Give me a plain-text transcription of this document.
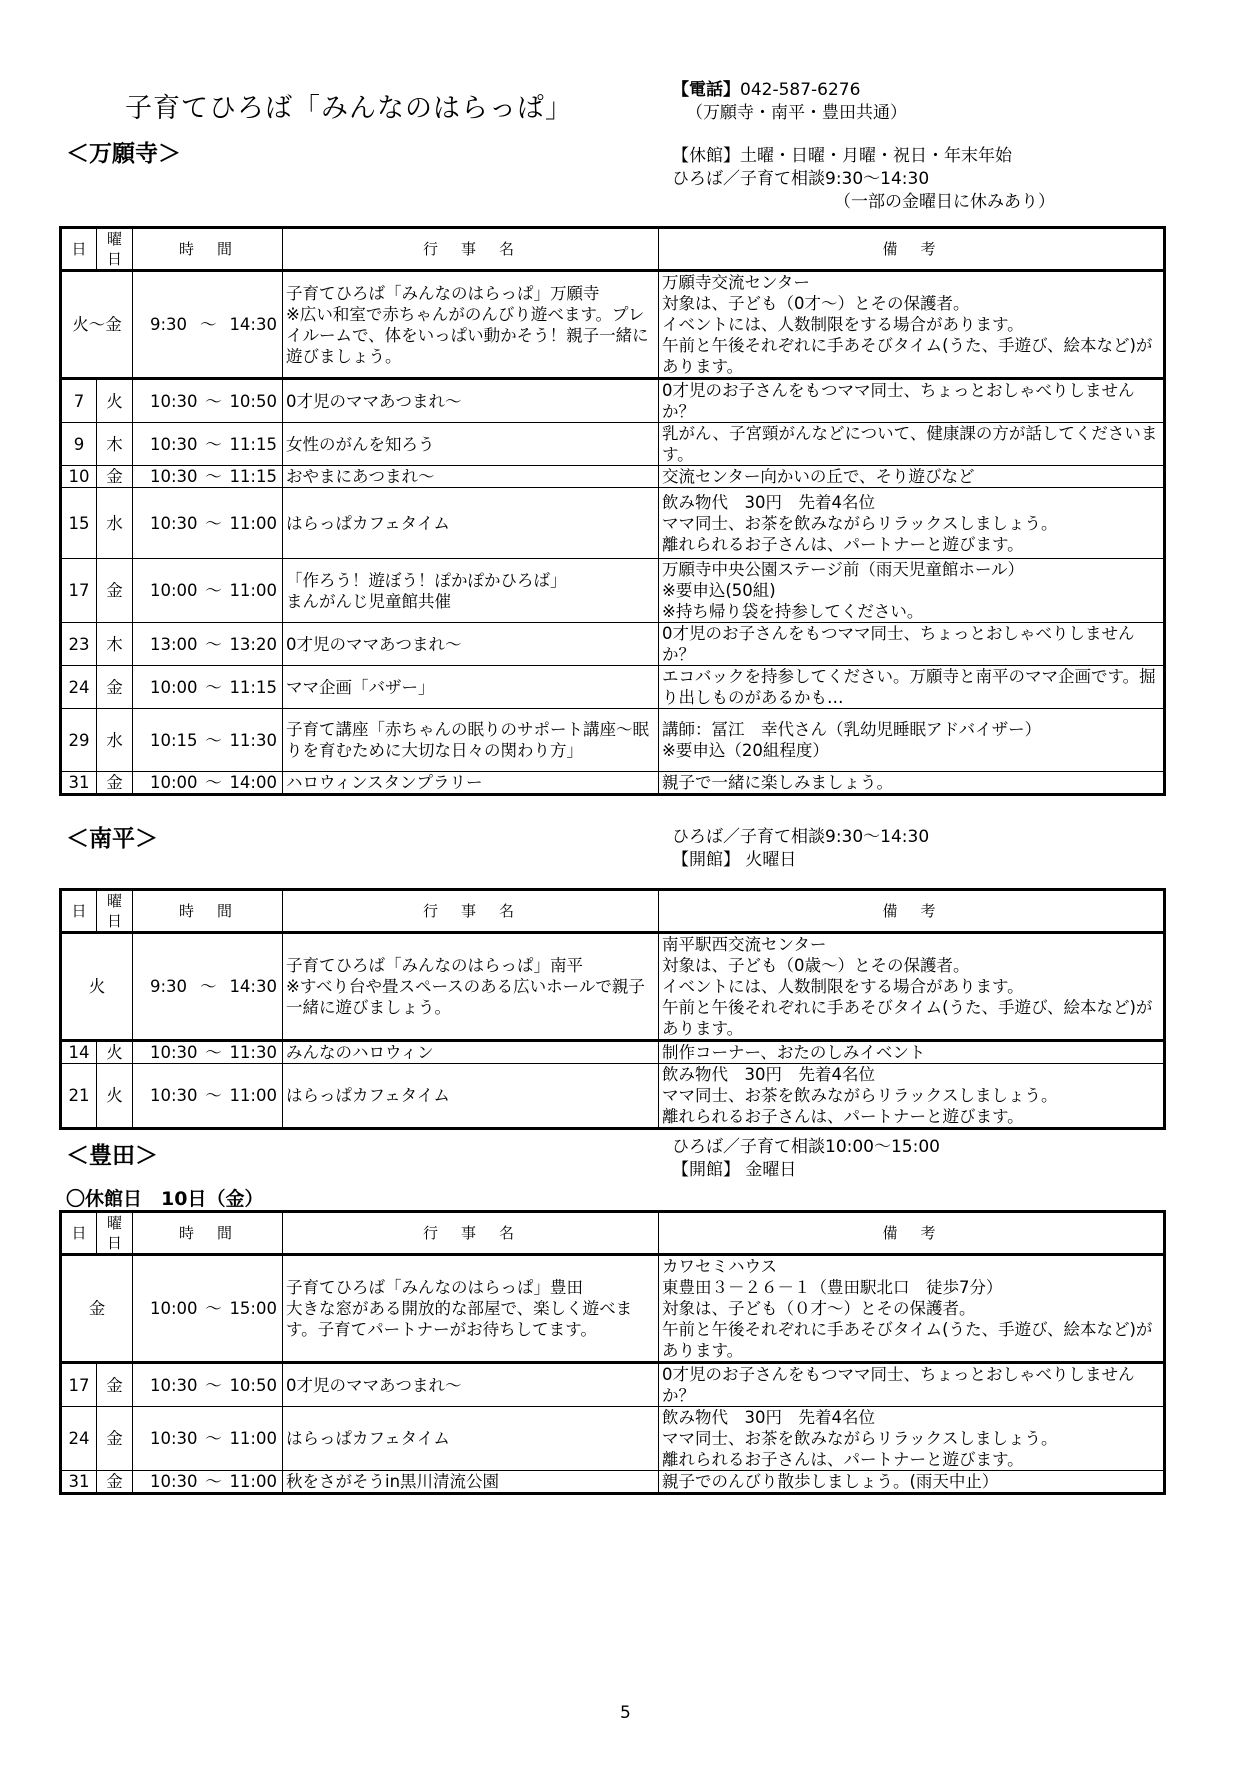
子育てひろば「みんなのはらっぱ」
【電話】042-587-6276
（万願寺・南平・豊田共通）
＜万願寺＞	【休館】土曜・日曜・月曜・祝日・年末年始
ひろば／子育て相談9:30～14:30
（一部の金曜日に休みあり）
日	曜日	時　間	行　事　名	備　考
火～金		9:30 ～ 14:30	子育てひろば「みんなのはらっぱ」万願寺
※広い和室で赤ちゃんがのんびり遊べます。プレイルームで、体をいっぱい動かそう！親子一緒に遊びましょう。	万願寺交流センター
対象は、子ども（0才～）とその保護者。
イベントには、人数制限をする場合があります。
午前と午後それぞれに手あそびタイム(うた、手遊び、絵本など)があります。
7	火	10:30 ～ 10:50	0才児のママあつまれ～	0才児のお子さんをもつママ同士、ちょっとおしゃべりしませんか？
9	木	10:30 ～ 11:15	女性のがんを知ろう	乳がん、子宮頸がんなどについて、健康課の方が話してくださいます。
10	金	10:30 ～ 11:15	おやまにあつまれ～	交流センター向かいの丘で、そり遊びなど
15	水	10:30 ～ 11:00	はらっぱカフェタイム	飲み物代　30円　先着4名位
ママ同士、お茶を飲みながらリラックスしましょう。
離れられるお子さんは、パートナーと遊びます。
17	金	10:00 ～ 11:00	「作ろう！遊ぼう！ぽかぽかひろば」
まんがんじ児童館共催	万願寺中央公園ステージ前（雨天児童館ホール）
※要申込(50組)
※持ち帰り袋を持参してください。
23	木	13:00 ～ 13:20	0才児のママあつまれ～	0才児のお子さんをもつママ同士、ちょっとおしゃべりしませんか？
24	金	10:00 ～ 11:15	ママ企画「バザー」	エコバックを持参してください。万願寺と南平のママ企画です。掘り出しものがあるかも…
29	水	10:15 ～ 11:30	子育て講座「赤ちゃんの眠りのサポート講座～眠りを育むために大切な日々の関わり方」	講師：冨江　幸代さん（乳幼児睡眠アドバイザー）
※要申込（20組程度）
31	金	10:00 ～ 14:00	ハロウィンスタンプラリー	親子で一緒に楽しみましょう。
＜南平＞	ひろば／子育て相談9:30～14:30
【開館】 火曜日
日	曜日	時　間	行　事　名	備　考
火		9:30 ～ 14:30	子育てひろば「みんなのはらっぱ」南平
※すべり台や畳スペースのある広いホールで親子一緒に遊びましょう。	南平駅西交流センター
対象は、子ども（0歳～）とその保護者。
イベントには、人数制限をする場合があります。
午前と午後それぞれに手あそびタイム(うた、手遊び、絵本など)があります。
14	火	10:30 ～ 11:30	みんなのハロウィン	制作コーナー、おたのしみイベント
21	火	10:30 ～ 11:00	はらっぱカフェタイム	飲み物代　30円　先着4名位
ママ同士、お茶を飲みながらリラックスしましょう。
離れられるお子さんは、パートナーと遊びます。
＜豊田＞	ひろば／子育て相談10:00～15:00
【開館】 金曜日
〇休館日　10日（金）
日	曜日	時　間	行　事　名	備　考
金		10:00 ～ 15:00	子育てひろば「みんなのはらっぱ」豊田
大きな窓がある開放的な部屋で、楽しく遊べます。子育てパートナーがお待ちしてます。	カワセミハウス
東豊田３－２６－１（豊田駅北口　徒歩7分）
対象は、子ども（０才～）とその保護者。
午前と午後それぞれに手あそびタイム(うた、手遊び、絵本など)があります。
17	金	10:30 ～ 10:50	0才児のママあつまれ～	0才児のお子さんをもつママ同士、ちょっとおしゃべりしませんか？
24	金	10:30 ～ 11:00	はらっぱカフェタイム	飲み物代　30円　先着4名位
ママ同士、お茶を飲みながらリラックスしましょう。
離れられるお子さんは、パートナーと遊びます。
31	金	10:30 ～ 11:00	秋をさがそうin黒川清流公園	親子でのんびり散歩しましょう。(雨天中止）
5
